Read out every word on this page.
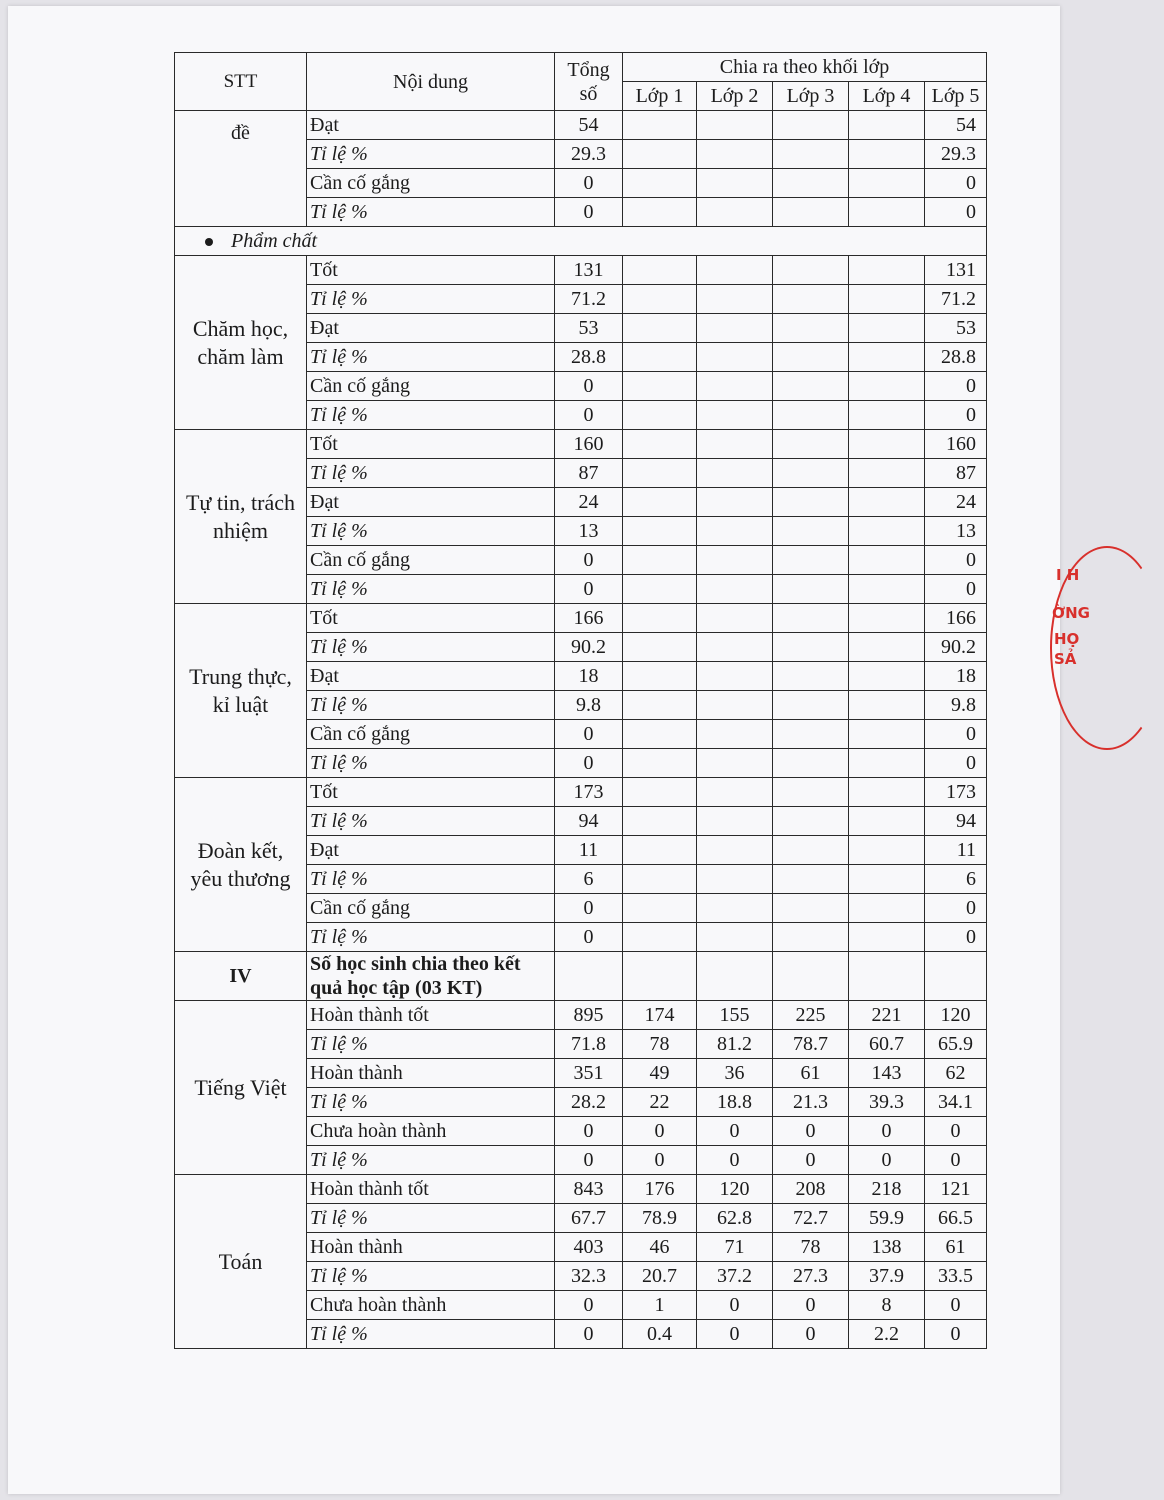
STT	Nội dung	Tổng
số	Chia ra theo khối lớp				
			Lớp 1	Lớp 2	Lớp 3	Lớp 4	Lớp 5
đề	Đạt	54					54
	Tỉ lệ %	29.3					29.3
	Cần cố gắng	0					0
	Tỉ lệ %	0					0
Phẩm chất							
Chăm học,
chăm làm	Tốt	131					131
	Tỉ lệ %	71.2					71.2
	Đạt	53					53
	Tỉ lệ %	28.8					28.8
	Cần cố gắng	0					0
	Tỉ lệ %	0					0
Tự tin, trách
nhiệm	Tốt	160					160
	Tỉ lệ %	87					87
	Đạt	24					24
	Tỉ lệ %	13					13
	Cần cố gắng	0					0
	Tỉ lệ %	0					0
Trung thực,
kỉ luật	Tốt	166					166
	Tỉ lệ %	90.2					90.2
	Đạt	18					18
	Tỉ lệ %	9.8					9.8
	Cần cố gắng	0					0
	Tỉ lệ %	0					0
Đoàn kết,
yêu thương	Tốt	173					173
	Tỉ lệ %	94					94
	Đạt	11					11
	Tỉ lệ %	6					6
	Cần cố gắng	0					0
	Tỉ lệ %	0					0
IV	Số học sinh chia theo kết
quả học tập (03 KT)						
Tiếng Việt	Hoàn thành tốt	895	174	155	225	221	120
	Tỉ lệ %	71.8	78	81.2	78.7	60.7	65.9
	Hoàn thành	351	49	36	61	143	62
	Tỉ lệ %	28.2	22	18.8	21.3	39.3	34.1
	Chưa hoàn thành	0	0	0	0	0	0
	Tỉ lệ %	0	0	0	0	0	0
Toán	Hoàn thành tốt	843	176	120	208	218	121
	Tỉ lệ %	67.7	78.9	62.8	72.7	59.9	66.5
	Hoàn thành	403	46	71	78	138	61
	Tỉ lệ %	32.3	20.7	37.2	27.3	37.9	33.5
	Chưa hoàn thành	0	1	0	0	8	0
	Tỉ lệ %	0	0.4	0	0	2.2	0
I H
ỜNG
HỌ
SẢ
